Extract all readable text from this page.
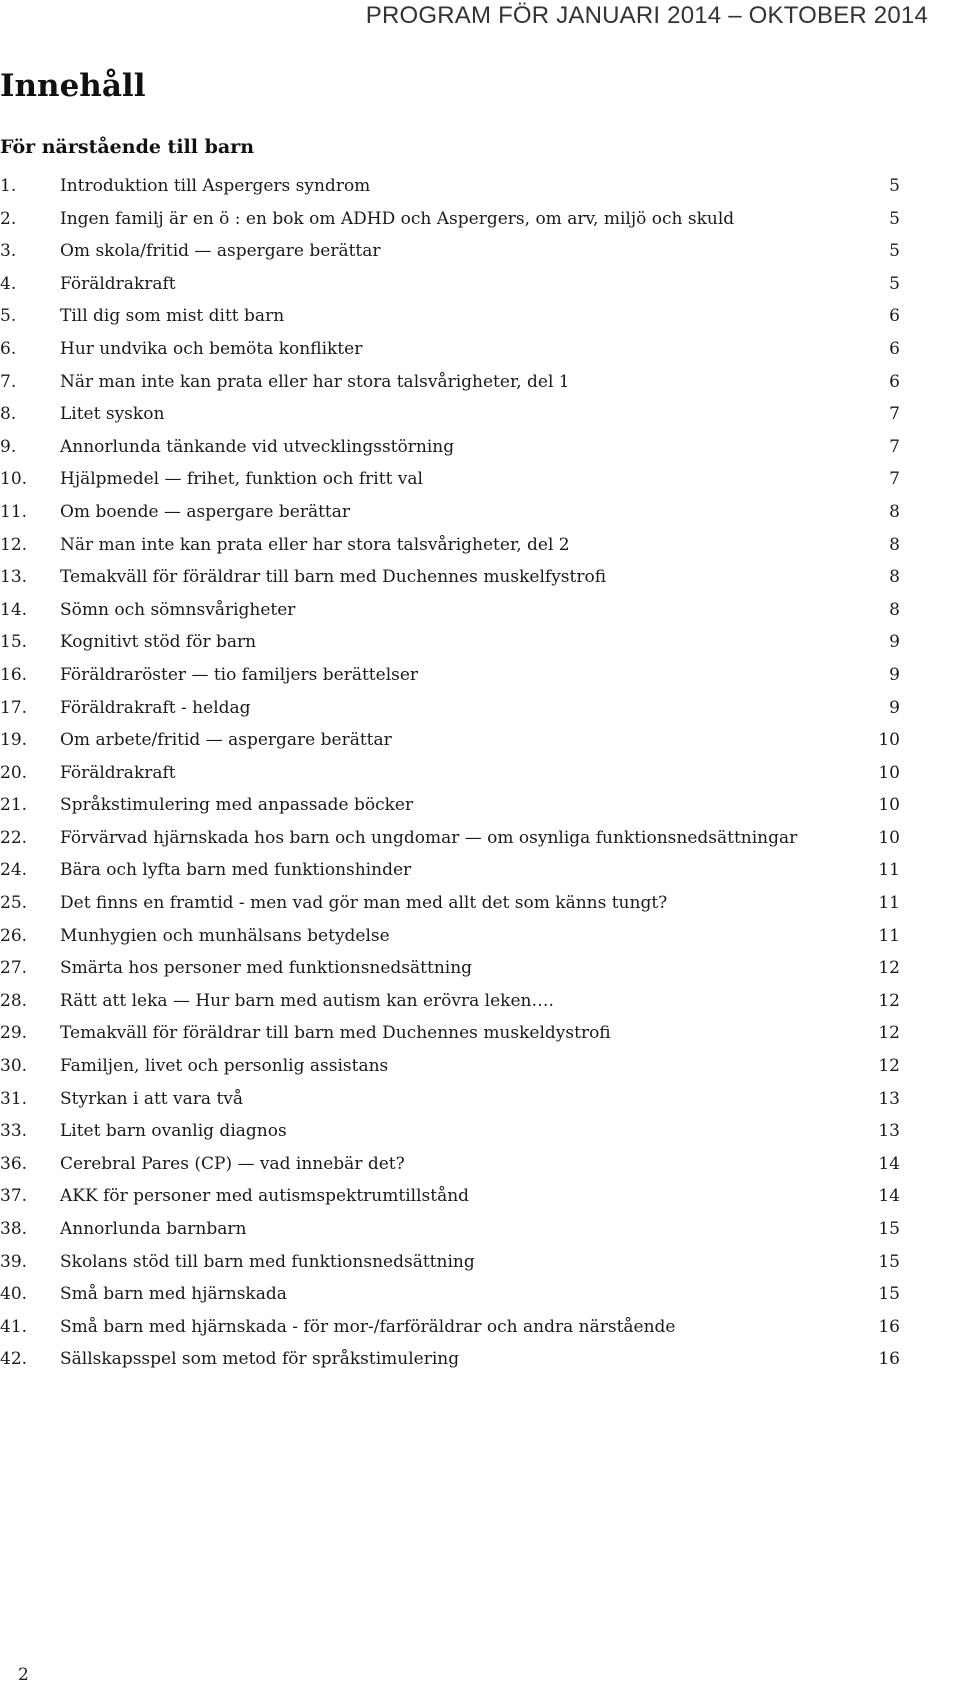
PROGRAM FÖR JANUARI 2014 – OKTOBER 2014
Innehåll
För närstående till barn
1.	Introduktion till Aspergers syndrom	5
2.	Ingen familj är en ö : en bok om ADHD och Aspergers, om arv, miljö och skuld	5
3.	Om skola/fritid — aspergare berättar	5
4.	Föräldrakraft	5
5.	Till dig som mist ditt barn	6
6.	Hur undvika och bemöta konflikter	6
7.	När man inte kan prata eller har stora talsvårigheter, del 1	6
8.	Litet syskon	7
9.	Annorlunda tänkande vid utvecklingsstörning	7
10. Hjälpmedel — frihet, funktion och fritt val	7
11. Om boende — aspergare berättar	8
12. När man inte kan prata eller har stora talsvårigheter, del 2	8
13. Temakväll för föräldrar till barn med Duchennes muskelfystrofi	8
14. Sömn och sömnsvårigheter	8
15. Kognitivt stöd för barn	9
16. Föräldraröster — tio familjers berättelser	9
17. Föräldrakraft - heldag	9
19. Om arbete/fritid — aspergare berättar	10
20. Föräldrakraft	10
21. Språkstimulering med anpassade böcker	10
22. Förvärvad hjärnskada hos barn och ungdomar — om osynliga funktionsnedsättningar	10
24. Bära och lyfta barn med funktionshinder	11
25. Det finns en framtid - men vad gör man med allt det som känns tungt?	11
26. Munhygien och munhälsans betydelse	11
27. Smärta hos personer med funktionsnedsättning	12
28. Rätt att leka — Hur barn med autism kan erövra leken….	12
29. Temakväll för föräldrar till barn med Duchennes muskeldystrofi	12
30. Familjen, livet och personlig assistans	12
31. Styrkan i att vara två	13
33. Litet barn ovanlig diagnos	13
36. Cerebral Pares (CP) — vad innebär det?	14
37. AKK för personer med autismspektrumtillstånd	14
38. Annorlunda barnbarn	15
39. Skolans stöd till barn med funktionsnedsättning	15
40. Små barn med hjärnskada	15
41. Små barn med hjärnskada - för mor-/farföräldrar och andra närstående	16
42. Sällskapsspel som metod för språkstimulering	16
2
